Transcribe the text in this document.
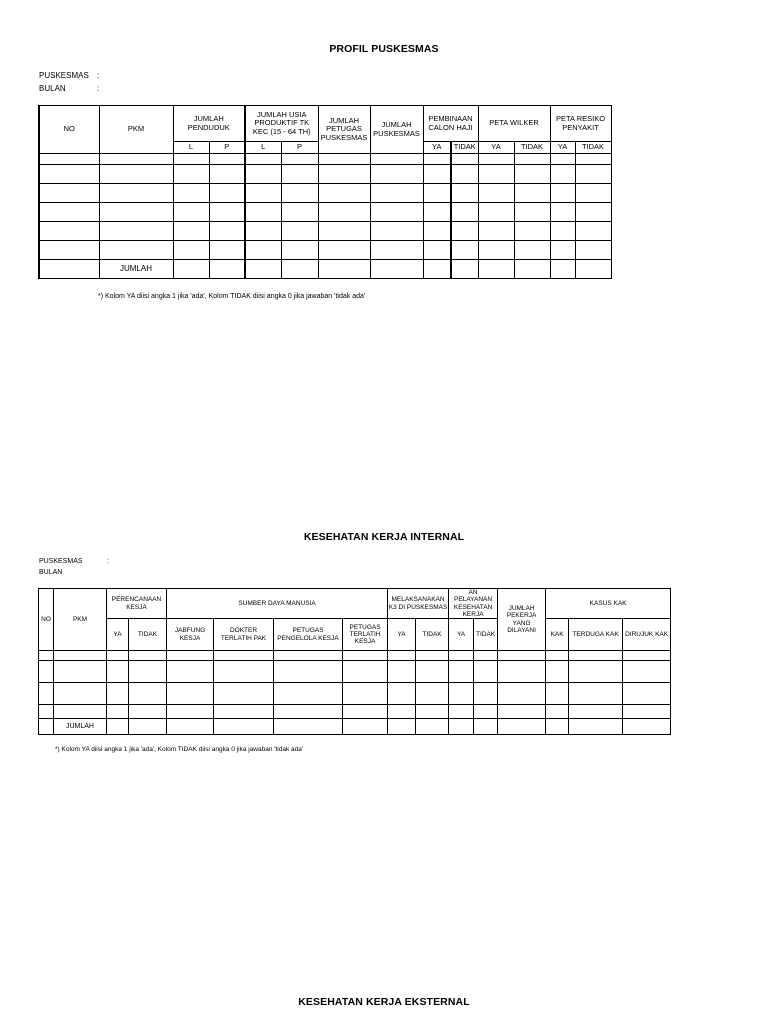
PROFIL PUSKESMAS
PUSKESMAS :
BULAN	:
NO	PKM	JUMLAH PENDUDUK		JUMLAH USIA PRODUKTIF TK KEC (15 - 64 TH)		JUMLAH PETUGAS PUSKESMAS	JUMLAH PUSKESMAS	PEMBINAAN CALON HAJI		PETA WILKER		PETA RESIKO PENYAKIT	
		L	P	L	P			YA	TIDAK	YA	TIDAK	YA	TIDAK

	JUMLAH												
*) Kolom YA diisi angka 1 jika 'ada', Kolom TIDAK diisi angka 0 jika jawaban 'tidak ada'
KESEHATAN KERJA INTERNAL
PUSKESMAS	:
BULAN
NO	PKM	PERENCANAAN KESJA		SUMBER DAYA MANUSIA				MELAKSANAKAN K3 DI PUSKESMAS		AN PELAYANAN KESEHATAN KERJA		JUMLAH PEKERJA YANG DILAYANI	KASUS KAK		
		YA	TIDAK	JABFUNG KESJA	DOKTER TERLATIH PAK	PETUGAS PENGELOLA KESJA	PETUGAS TERLATIH KESJA	YA	TIDAK	YA	TIDAK		KAK	TERDUGA KAK	DIRUJUK KAK

	JUMLAH														
*) Kolom YA diisi angka 1 jika 'ada', Kolom TIDAK diisi angka 0 jika jawaban 'tidak ada'
KESEHATAN KERJA EKSTERNAL
